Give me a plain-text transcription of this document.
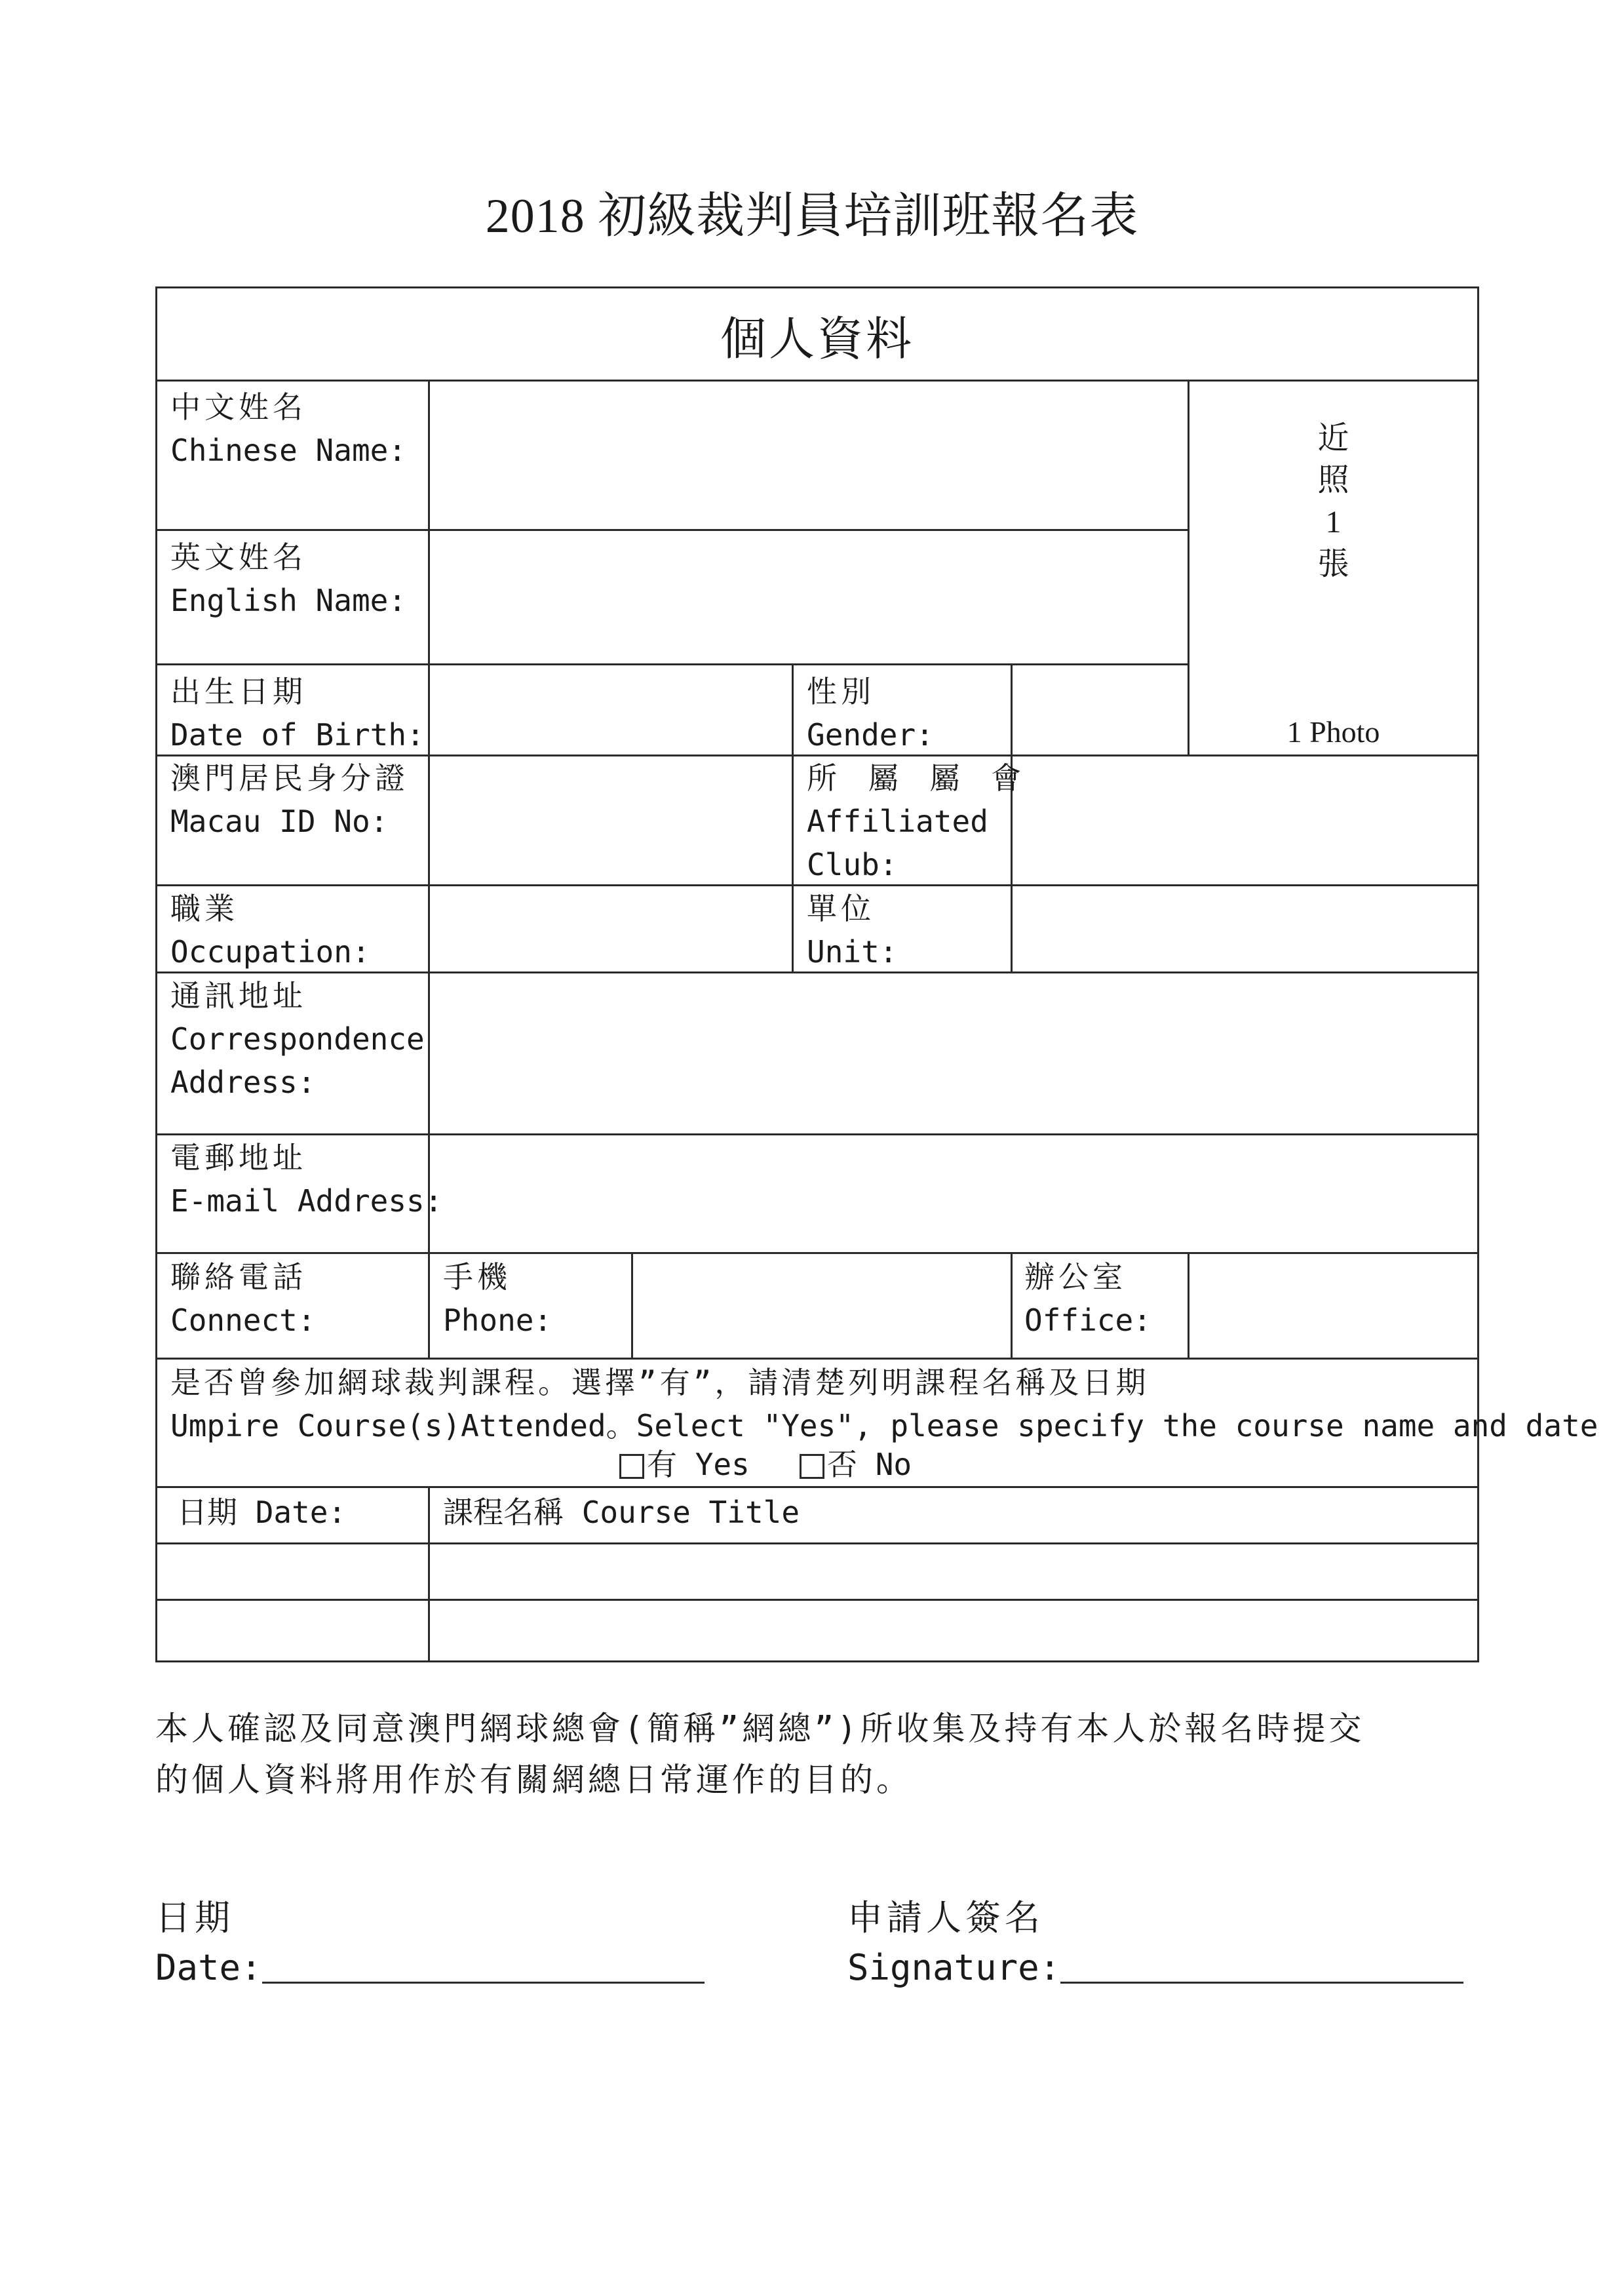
2018 初級裁判員培訓班報名表
個人資料
中文姓名
Chinese Name:
英文姓名
English Name:
近
照
1
張
1 Photo
出生日期
Date of Birth:
性別
Gender:
澳門居民身分證
Macau ID No:
所 屬 屬 會
Affiliated
Club:
職業
Occupation:
單位
Unit:
通訊地址
Correspondence
Address:
電郵地址
E-mail Address:
聯絡電話
Connect:
手機
Phone:
辦公室
Office:
是否曾參加網球裁判課程。選擇”有”，請清楚列明課程名稱及日期
Umpire Course(s)Attended。Select "Yes", please specify the course name and date
有 Yes	否 No
日期 Date:	課程名稱 Course Title
本人確認及同意澳門網球總會(簡稱”網總”)所收集及持有本人於報名時提交
的個人資料將用作於有關網總日常運作的目的。
日期
Date:
申請人簽名
Signature:
